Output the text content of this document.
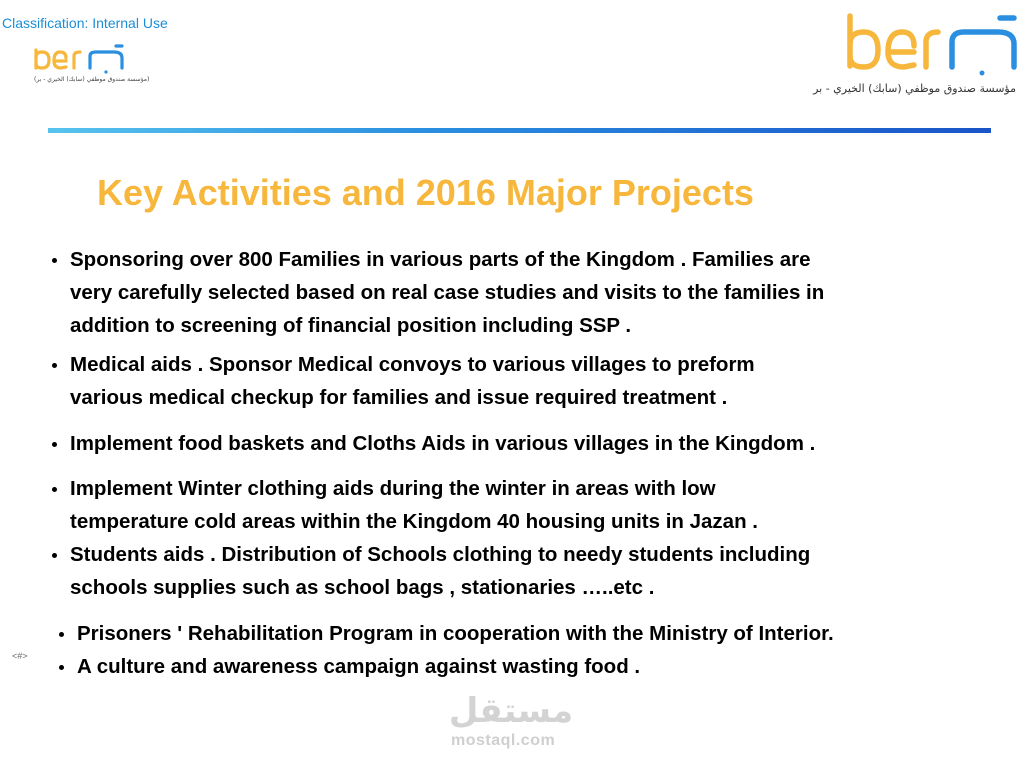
Classification: Internal Use
(مؤسسة صندوق موظفي (سابك) الخيري - بر)
مؤسسة صندوق موظفي (سابك) الخيري - بر
Key Activities and 2016 Major Projects
Sponsoring over 800 Families in various parts of the Kingdom . Families are
very carefully selected based on real case studies and visits to the families in
addition to screening of financial position including SSP .
Medical aids . Sponsor Medical convoys to various villages to preform
various medical checkup for families and issue required treatment .
Implement food baskets and Cloths Aids in various villages in the Kingdom .
Implement Winter clothing aids during the winter in areas with low
temperature cold areas within the Kingdom 40 housing units in Jazan .
Students aids . Distribution of Schools clothing to needy students including
schools supplies such as school bags , stationaries …..etc .
Prisoners ' Rehabilitation Program in cooperation with the Ministry of Interior.
A culture and awareness campaign against wasting food .
<#>
مستقل
mostaql.com
